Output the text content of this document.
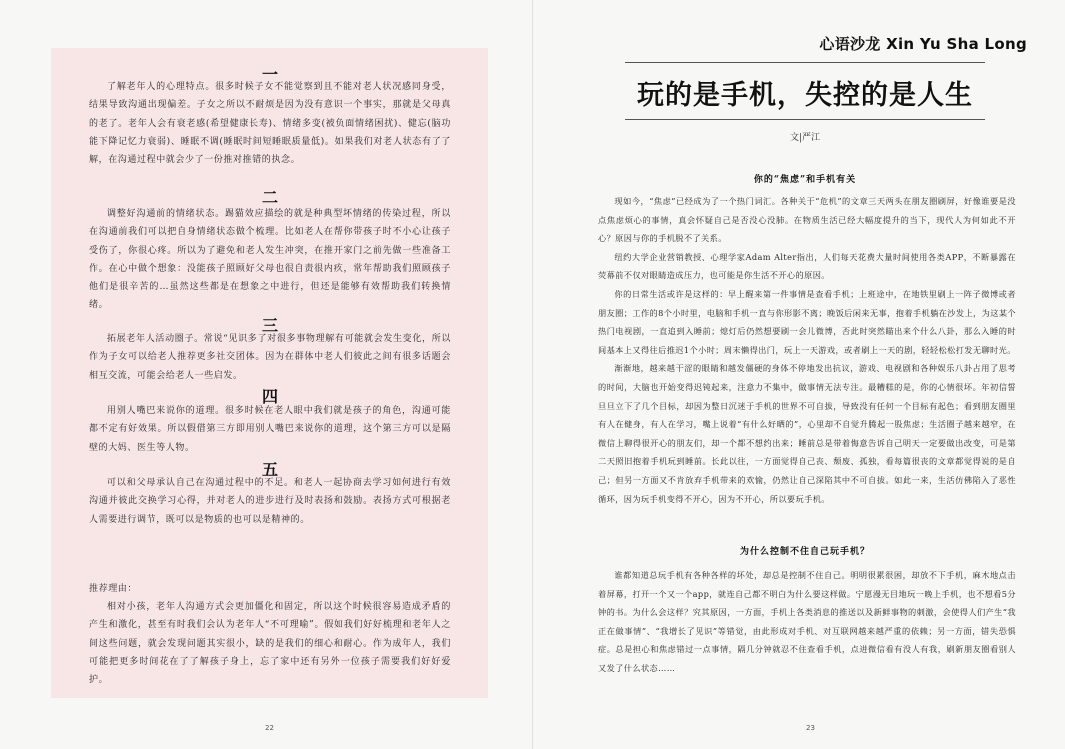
一

了解老年人的心理特点。很多时候子女不能觉察到且不能对老人状况感同身受，结果导致沟通出现偏差。子女之所以不耐烦是因为没有意识一个事实，那就是父母真的老了。老年人会有衰老感(希望健康长寿)、情绪多变(被负面情绪困扰)、健忘(脑功能下降记忆力衰弱)、睡眠不调(睡眠时间短睡眠质量低)。如果我们对老人状态有了了解，在沟通过程中就会少了一份推对推错的执念。

二

调整好沟通前的情绪状态。踢猫效应描绘的就是种典型坏情绪的传染过程，所以在沟通前我们可以把自身情绪状态做个梳理。比如老人在帮你带孩子时不小心让孩子受伤了，你很心疼。所以为了避免和老人发生冲突，在推开家门之前先做一些准备工作。在心中做个想象：没能孩子照顾好父母也很自责很内疚，常年帮助我们照顾孩子他们是很辛苦的…虽然这些都是在想象之中进行，但还是能够有效帮助我们转换情绪。

三

拓展老年人活动圈子。常说“见识多了对很多事物理解有可能就会发生变化，所以作为子女可以给老人推荐更多社交团体。因为在群体中老人们彼此之间有很多话题会相互交流，可能会给老人一些启发。

四

用别人嘴巴来说你的道理。很多时候在老人眼中我们就是孩子的角色，沟通可能都不定有好效果。所以假借第三方即用别人嘴巴来说你的道理，这个第三方可以是隔壁的大妈、医生等人物。

五

可以和父母承认自己在沟通过程中的不足。和老人一起协商去学习如何进行有效沟通并彼此交换学习心得，并对老人的进步进行及时表扬和鼓励。表扬方式可根据老人需要进行调节，既可以是物质的也可以是精神的。

推荐理由：

相对小孩，老年人沟通方式会更加僵化和固定，所以这个时候很容易造成矛盾的产生和激化，甚至有时我们会认为老年人“不可理喻”。假如我们好好梳理和老年人之间这些问题，就会发现问题其实很小，缺的是我们的细心和耐心。作为成年人，我们可能把更多时间花在了了解孩子身上，忘了家中还有另外一位孩子需要我们好好爱护。

22
心语沙龙 Xin Yu Sha Long
玩的是手机，失控的是人生
文|严江
你的“焦虑”和手机有关

现如今，“焦虑”已经成为了一个热门词汇。各种关于“危机”的文章三天两头在朋友圈刷屏，好像谁要是没点焦虑烦心的事情，真会怀疑自己是否没心没肺。在物质生活已经大幅度提升的当下，现代人为何如此不开心？原因与你的手机脱不了关系。

纽约大学企业营销教授、心理学家Adam Alter指出，人们每天花费大量时间使用各类APP，不断暴露在荧幕前不仅对眼睛造成压力，也可能是你生活不开心的原因。

你的日常生活或许是这样的：早上醒来第一件事情是查看手机；上班途中，在地铁里刷上一阵子微博或者朋友圈；工作的8个小时里，电脑和手机一直与你形影不离；晚饭后闲来无事，抱着手机躺在沙发上，为这某个热门电视剧，一直追到入睡前；熄灯后仍然想要刷一会儿微博，否此时突然瞄出来个什么八卦，那么入睡的时间基本上又得往后推迟1个小时；周末懒得出门，玩上一天游戏，或者刷上一天的剧，轻轻松松打发无聊时光。

渐渐地，越来越干涩的眼睛和越发僵硬的身体不停地发出抗议，游戏、电视剧和各种娱乐八卦占用了思考的时间，大脑也开始变得迟钝起来，注意力不集中，做事情无法专注。最糟糕的是，你的心情很坏。年初信誓旦旦立下了几个目标，却因为整日沉迷于手机的世界不可自拔，导致没有任何一个目标有起色；看到朋友圈里有人在健身，有人在学习，嘴上说着“有什么好晒的”，心里却不自觉升腾起一股焦虑；生活圈子越来越窄，在微信上聊得很开心的朋友们，却一个都不想约出来；睡前总是带着悔意告诉自己明天一定要做出改变，可是第二天照旧抱着手机玩到睡前。长此以往，一方面觉得自己丧、颓废、孤独，看每篇很丧的文章都觉得说的是自己；但另一方面又不肯放弃手机带来的欢愉，仍然让自己深陷其中不可自拔。如此一来，生活仿佛陷入了恶性循环，因为玩手机变得不开心，因为不开心，所以要玩手机。

为什么控制不住自己玩手机？

谁都知道总玩手机有各种各样的坏处，却总是控制不住自己。明明很累很困，却放不下手机，麻木地点击着屏幕，打开一个又一个app，就连自己都不明白为什么要这样做。宁愿漫无目地玩一晚上手机，也不想看5分钟的书。为什么会这样？究其原因，一方面，手机上各类消息的推送以及新鲜事物的刺激，会使得人们产生“我正在做事情”、“我增长了见识”等错觉，由此形成对手机、对互联网越来越严重的依赖；另一方面，错失恐惧症。总是担心和焦虑错过一点事情，隔几分钟就忍不住查看手机，点进微信看有没人有我，刷新朋友圈看别人又发了什么状态……

23
